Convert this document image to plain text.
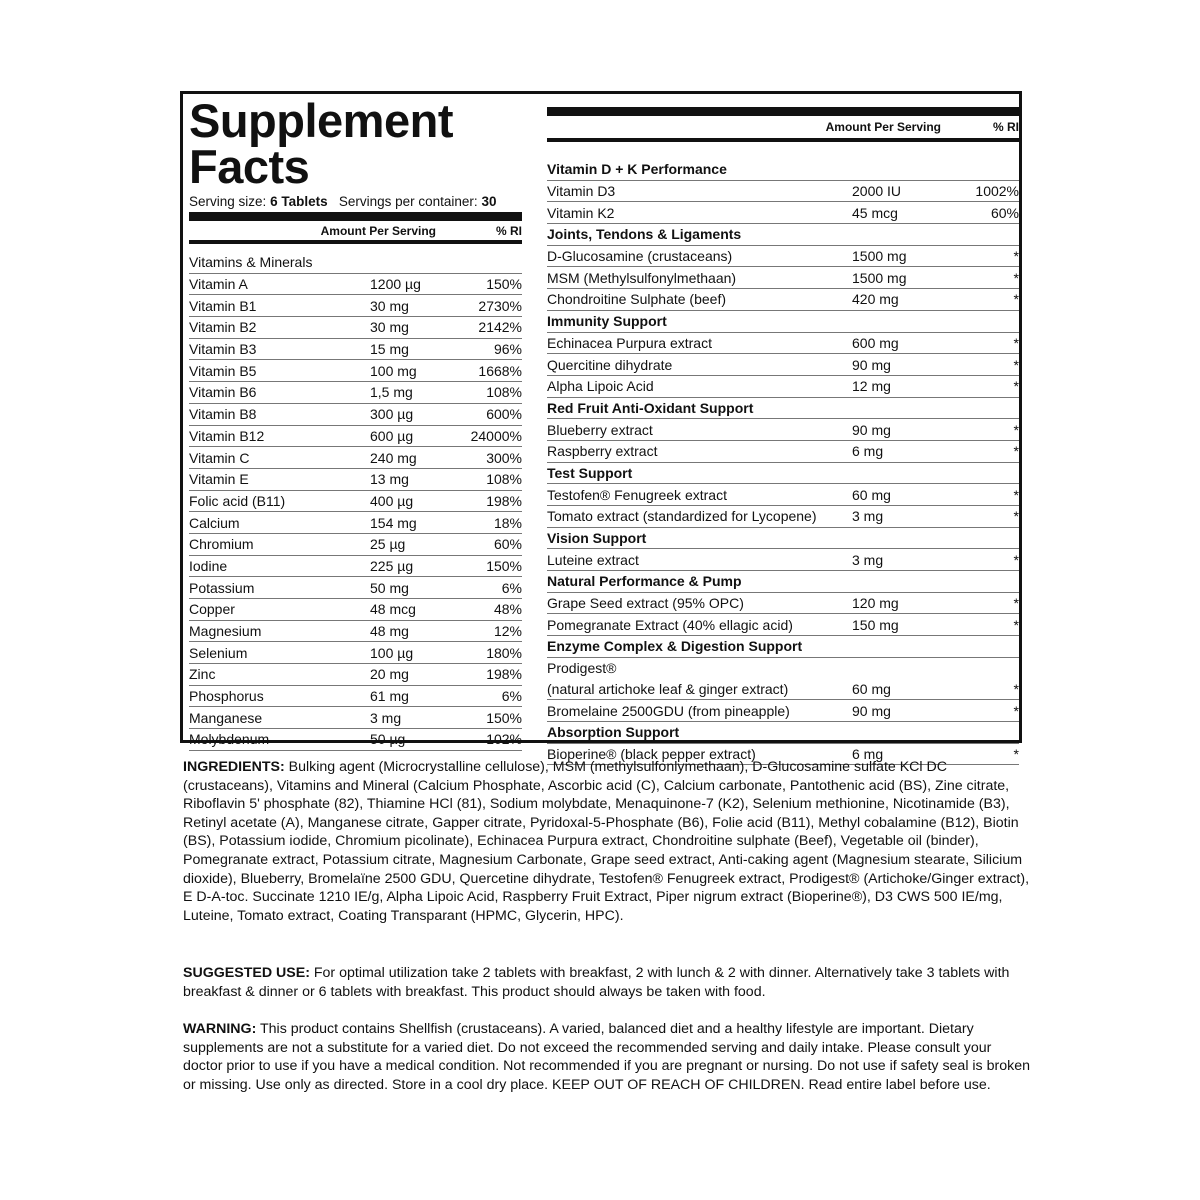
Supplement
Facts
Serving size: 6 Tablets Servings per container: 30
Amount Per Serving	% RI
Vitamins & Minerals
Vitamin A	1200 µg	150%
Vitamin B1	30 mg	2730%
Vitamin B2	30 mg	2142%
Vitamin B3	15 mg	96%
Vitamin B5	100 mg	1668%
Vitamin B6	1,5 mg	108%
Vitamin B8	300 µg	600%
Vitamin B12	600 µg	24000%
Vitamin C	240 mg	300%
Vitamin E	13 mg	108%
Folic acid (B11)	400 µg	198%
Calcium	154 mg	18%
Chromium	25 µg	60%
Iodine	225 µg	150%
Potassium	50 mg	6%
Copper	48 mcg	48%
Magnesium	48 mg	12%
Selenium	100 µg	180%
Zinc	20 mg	198%
Phosphorus	61 mg	6%
Manganese	3 mg	150%
Molybdenum	50 µg	102%
Amount Per Serving	% RI
Vitamin D + K Performance
Vitamin D3	2000 IU	1002%
Vitamin K2	45 mcg	60%
Joints, Tendons & Ligaments
D-Glucosamine (crustaceans)	1500 mg	*
MSM (Methylsulfonylmethaan)	1500 mg	*
Chondroitine Sulphate (beef)	420 mg	*
Immunity Support
Echinacea Purpura extract	600 mg	*
Quercitine dihydrate	90 mg	*
Alpha Lipoic Acid	12 mg	*
Red Fruit Anti-Oxidant Support
Blueberry extract	90 mg	*
Raspberry extract	6 mg	*
Test Support
Testofen® Fenugreek extract	60 mg	*
Tomato extract (standardized for Lycopene)	3 mg	*
Vision Support
Luteine extract	3 mg	*
Natural Performance & Pump
Grape Seed extract (95% OPC)	120 mg	*
Pomegranate Extract (40% ellagic acid)	150 mg	*
Enzyme Complex & Digestion Support
Prodigest®
(natural artichoke leaf & ginger extract)	60 mg	*
Bromelaine 2500GDU (from pineapple)	90 mg	*
Absorption Support
Bioperine® (black pepper extract)	6 mg	*
INGREDIENTS: Bulking agent (Microcrystalline cellulose), MSM (methylsulfonlymethaan), D-Glucosamine sulfate KCl DC (crustaceans), Vitamins and Mineral (Calcium Phosphate, Ascorbic acid (C), Calcium carbonate, Pantothenic acid (BS), Zine citrate, Riboflavin 5' phosphate (82), Thiamine HCl (81), Sodium molybdate, Menaquinone-7 (K2), Selenium methionine, Nicotinamide (B3), Retinyl acetate (A), Manganese citrate, Gapper citrate, Pyridoxal-5-Phosphate (B6), Folie acid (B11), Methyl cobalamine (B12), Biotin (BS), Potassium iodide, Chromium picolinate), Echinacea Purpura extract, Chondroitine sulphate (Beef), Vegetable oil (binder), Pomegranate extract, Potassium citrate, Magnesium Carbonate, Grape seed extract, Anti-caking agent (Magnesium stearate, Silicium dioxide), Blueberry, Bromelaïne 2500 GDU, Quercetine dihydrate, Testofen® Fenugreek extract, Prodigest® (Artichoke/Ginger extract), E D-A-toc. Succinate 1210 IE/g, Alpha Lipoic Acid, Raspberry Fruit Extract, Piper nigrum extract (Bioperine®), D3 CWS 500 IE/mg, Luteine, Tomato extract, Coating Transparant (HPMC, Glycerin, HPC).
SUGGESTED USE: For optimal utilization take 2 tablets with breakfast, 2 with lunch & 2 with dinner. Alternatively take 3 tablets with breakfast & dinner or 6 tablets with breakfast. This product should always be taken with food.
WARNING: This product contains Shellfish (crustaceans). A varied, balanced diet and a healthy lifestyle are important. Dietary supplements are not a substitute for a varied diet. Do not exceed the recommended serving and daily intake. Please consult your doctor prior to use if you have a medical condition. Not recommended if you are pregnant or nursing. Do not use if safety seal is broken or missing. Use only as directed. Store in a cool dry place. KEEP OUT OF REACH OF CHILDREN. Read entire label before use.
